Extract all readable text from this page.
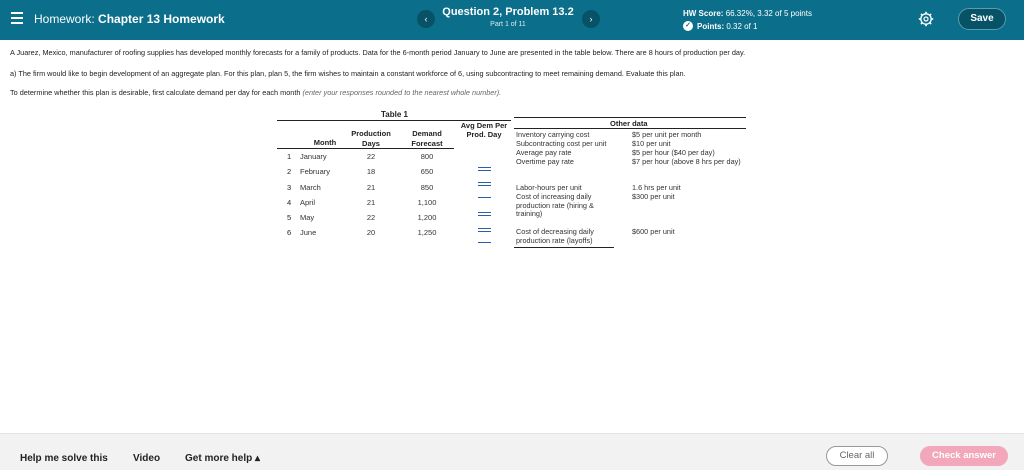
Homework: Chapter 13 Homework	‹
Question 2, Problem 13.2
Part 1 of 11
›
HW Score: 66.32%, 3.32 of 5 points
✓ Points:
0.32 of 1
Save
A Juarez, Mexico, manufacturer of roofing supplies has developed monthly forecasts for a family of products. Data for the 6-month period January to June are presented in the table below. There are 8 hours of production per day.
a) The firm would like to begin development of an aggregate plan. For this plan, plan 5, the firm wishes to maintain a constant workforce of 6, using subcontracting to meet remaining demand. Evaluate this plan.
To determine whether this plan is desirable, first calculate demand per day for each month (enter your responses rounded to the nearest whole number).
Table 1
Month
Production
Days
Demand
Forecast
Avg Dem Per
Prod. Day
1 January	22	800
2 February	18	650
3 March	21	850
4 April	21	1,100
5 May	22	1,200
6 June	20	1,250
Other data
Inventory carrying cost	$5 per unit per month
Subcontracting cost per unit	$10 per unit
Average pay rate	$5 per hour ($40 per day)
Overtime pay rate	$7 per hour (above 8 hrs per day)
Labor-hours per unit	1.6 hrs per unit
Cost of increasing daily production rate (hiring & training)
$300 per unit
Cost of decreasing daily production rate (layoffs)
$600 per unit
Help me solve this	Video Get more help ▴	Clear all	Check answer
